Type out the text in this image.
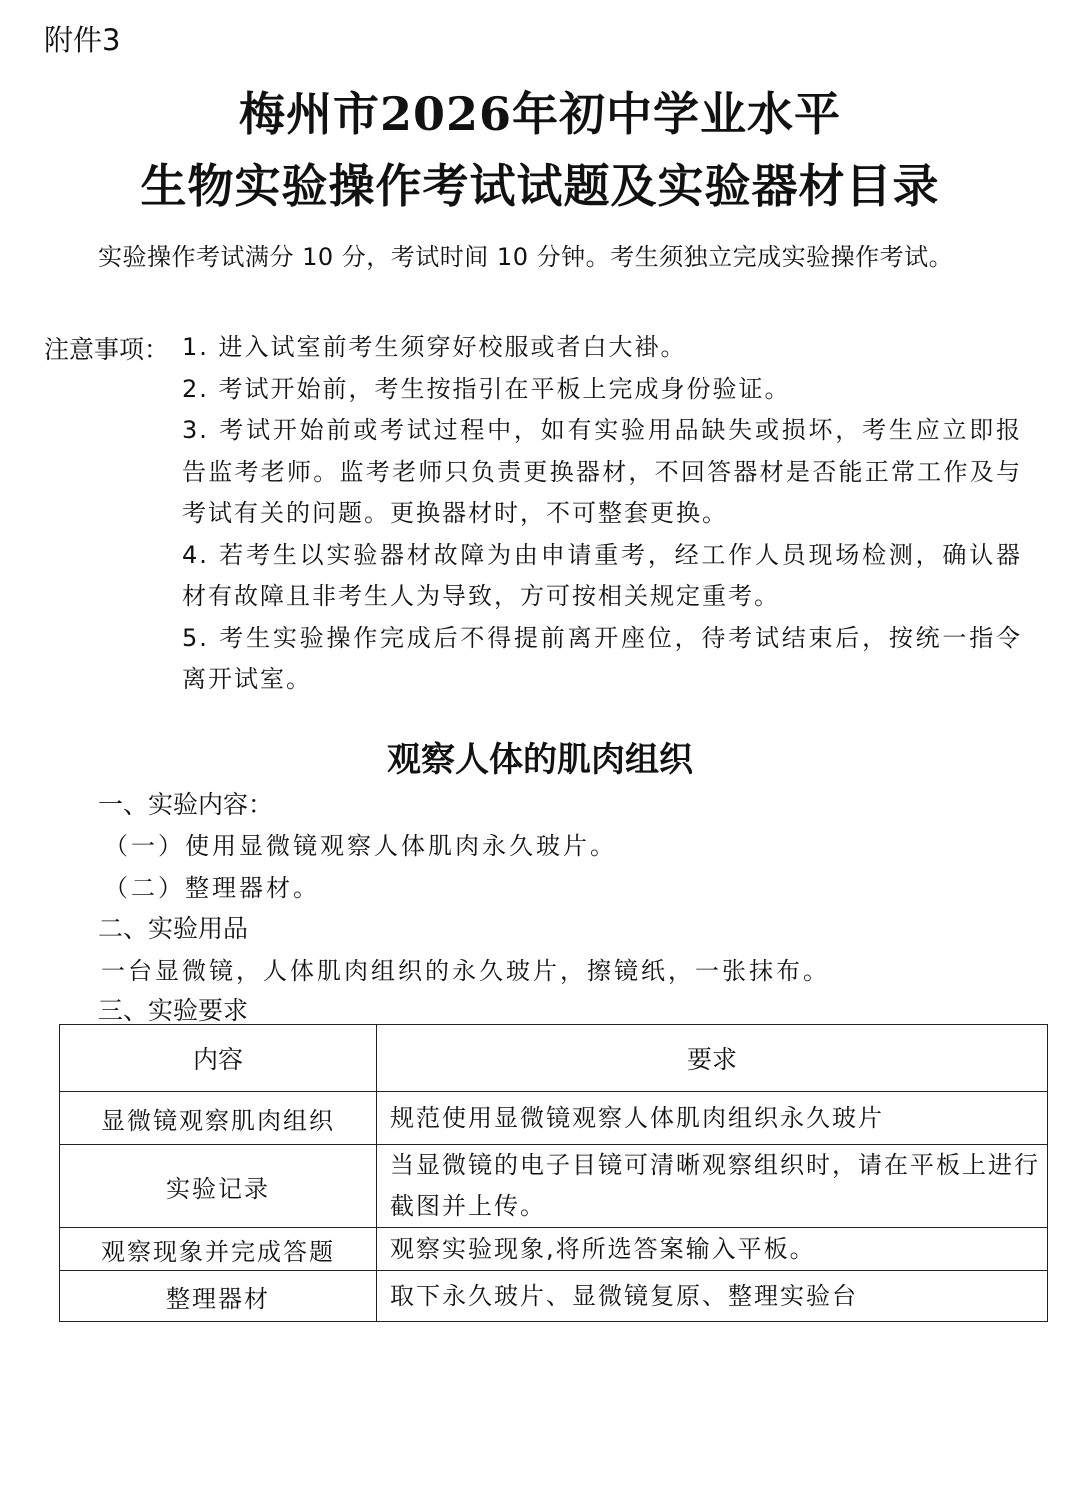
附件3
梅州市2026年初中学业水平
生物实验操作考试试题及实验器材目录
实验操作考试满分 10 分，考试时间 10 分钟。考生须独立完成实验操作考试。
注意事项： 1. 进入试室前考生须穿好校服或者白大褂。
2. 考试开始前，考生按指引在平板上完成身份验证。
3. 考试开始前或考试过程中，如有实验用品缺失或损坏，考生应立即报告监考老师。监考老师只负责更换器材，不回答器材是否能正常工作及与考试有关的问题。更换器材时，不可整套更换。
4. 若考生以实验器材故障为由申请重考，经工作人员现场检测，确认器材有故障且非考生人为导致，方可按相关规定重考。
5. 考生实验操作完成后不得提前离开座位，待考试结束后，按统一指令离开试室。
观察人体的肌肉组织
一、实验内容：
（一）使用显微镜观察人体肌肉永久玻片。
（二）整理器材。
二、实验用品
一台显微镜，人体肌肉组织的永久玻片，擦镜纸，一张抹布。
三、实验要求
内容	要求
显微镜观察肌肉组织	规范使用显微镜观察人体肌肉组织永久玻片
实验记录	当显微镜的电子目镜可清晰观察组织时，请在平板上进行截图并上传。
观察现象并完成答题	观察实验现象,将所选答案输入平板。
整理器材	取下永久玻片、显微镜复原、整理实验台
